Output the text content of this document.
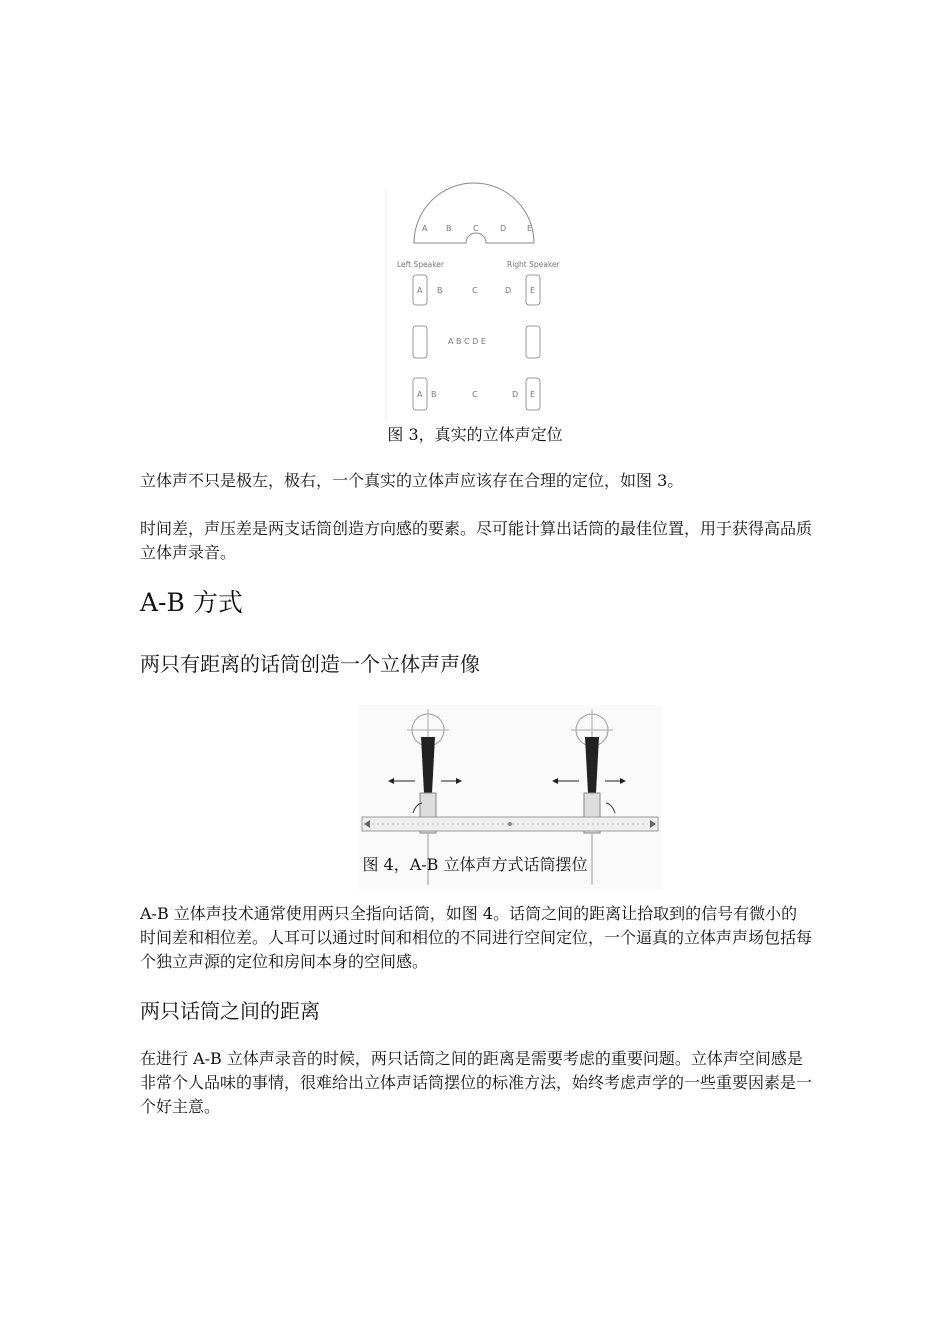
A B	C	D	E
Left Speaker	Right Speaker
A B	C	D E
A B C D E
A B	C	D E
图 3，真实的立体声定位
立体声不只是极左，极右，一个真实的立体声应该存在合理的定位，如图 3。
时间差，声压差是两支话筒创造方向感的要素。尽可能计算出话筒的最佳位置，用于获得高品质立体声录音。
A-B 方式
两只有距离的话筒创造一个立体声声像
图 4，A-B 立体声方式话筒摆位
A-B 立体声技术通常使用两只全指向话筒，如图 4。话筒之间的距离让拾取到的信号有微小的时间差和相位差。人耳可以通过时间和相位的不同进行空间定位，一个逼真的立体声声场包括每个独立声源的定位和房间本身的空间感。
两只话筒之间的距离
在进行 A-B 立体声录音的时候，两只话筒之间的距离是需要考虑的重要问题。立体声空间感是非常个人品味的事情，很难给出立体声话筒摆位的标准方法，始终考虑声学的一些重要因素是一个好主意。
